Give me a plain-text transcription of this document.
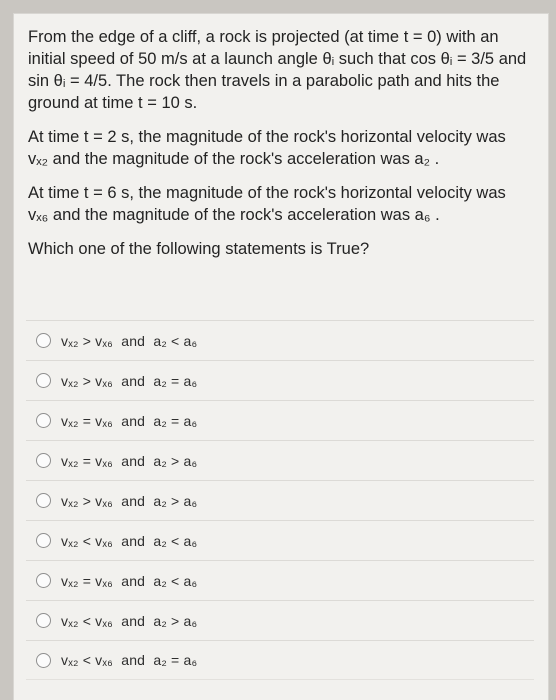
From the edge of a cliff, a rock is projected (at time t = 0) with an initial speed of 50 m/s at a launch angle θᵢ such that cos θᵢ = 3/5 and sin θᵢ = 4/5. The rock then travels in a parabolic path and hits the ground at time t = 10 s.

At time t = 2 s, the magnitude of the rock's horizontal velocity was vₓ₂ and the magnitude of the rock's acceleration was a₂ .

At time t = 6 s, the magnitude of the rock's horizontal velocity was vₓ₆ and the magnitude of the rock's acceleration was a₆ .

Which one of the following statements is True?

vₓ₂ > vₓ₆  and  a₂ < a₆
vₓ₂ > vₓ₆  and  a₂ = a₆
vₓ₂ = vₓ₆  and  a₂ = a₆
vₓ₂ = vₓ₆  and  a₂ > a₆
vₓ₂ > vₓ₆  and  a₂ > a₆
vₓ₂ < vₓ₆  and  a₂ < a₆
vₓ₂ = vₓ₆  and  a₂ < a₆
vₓ₂ < vₓ₆  and  a₂ > a₆
vₓ₂ < vₓ₆  and  a₂ = a₆
